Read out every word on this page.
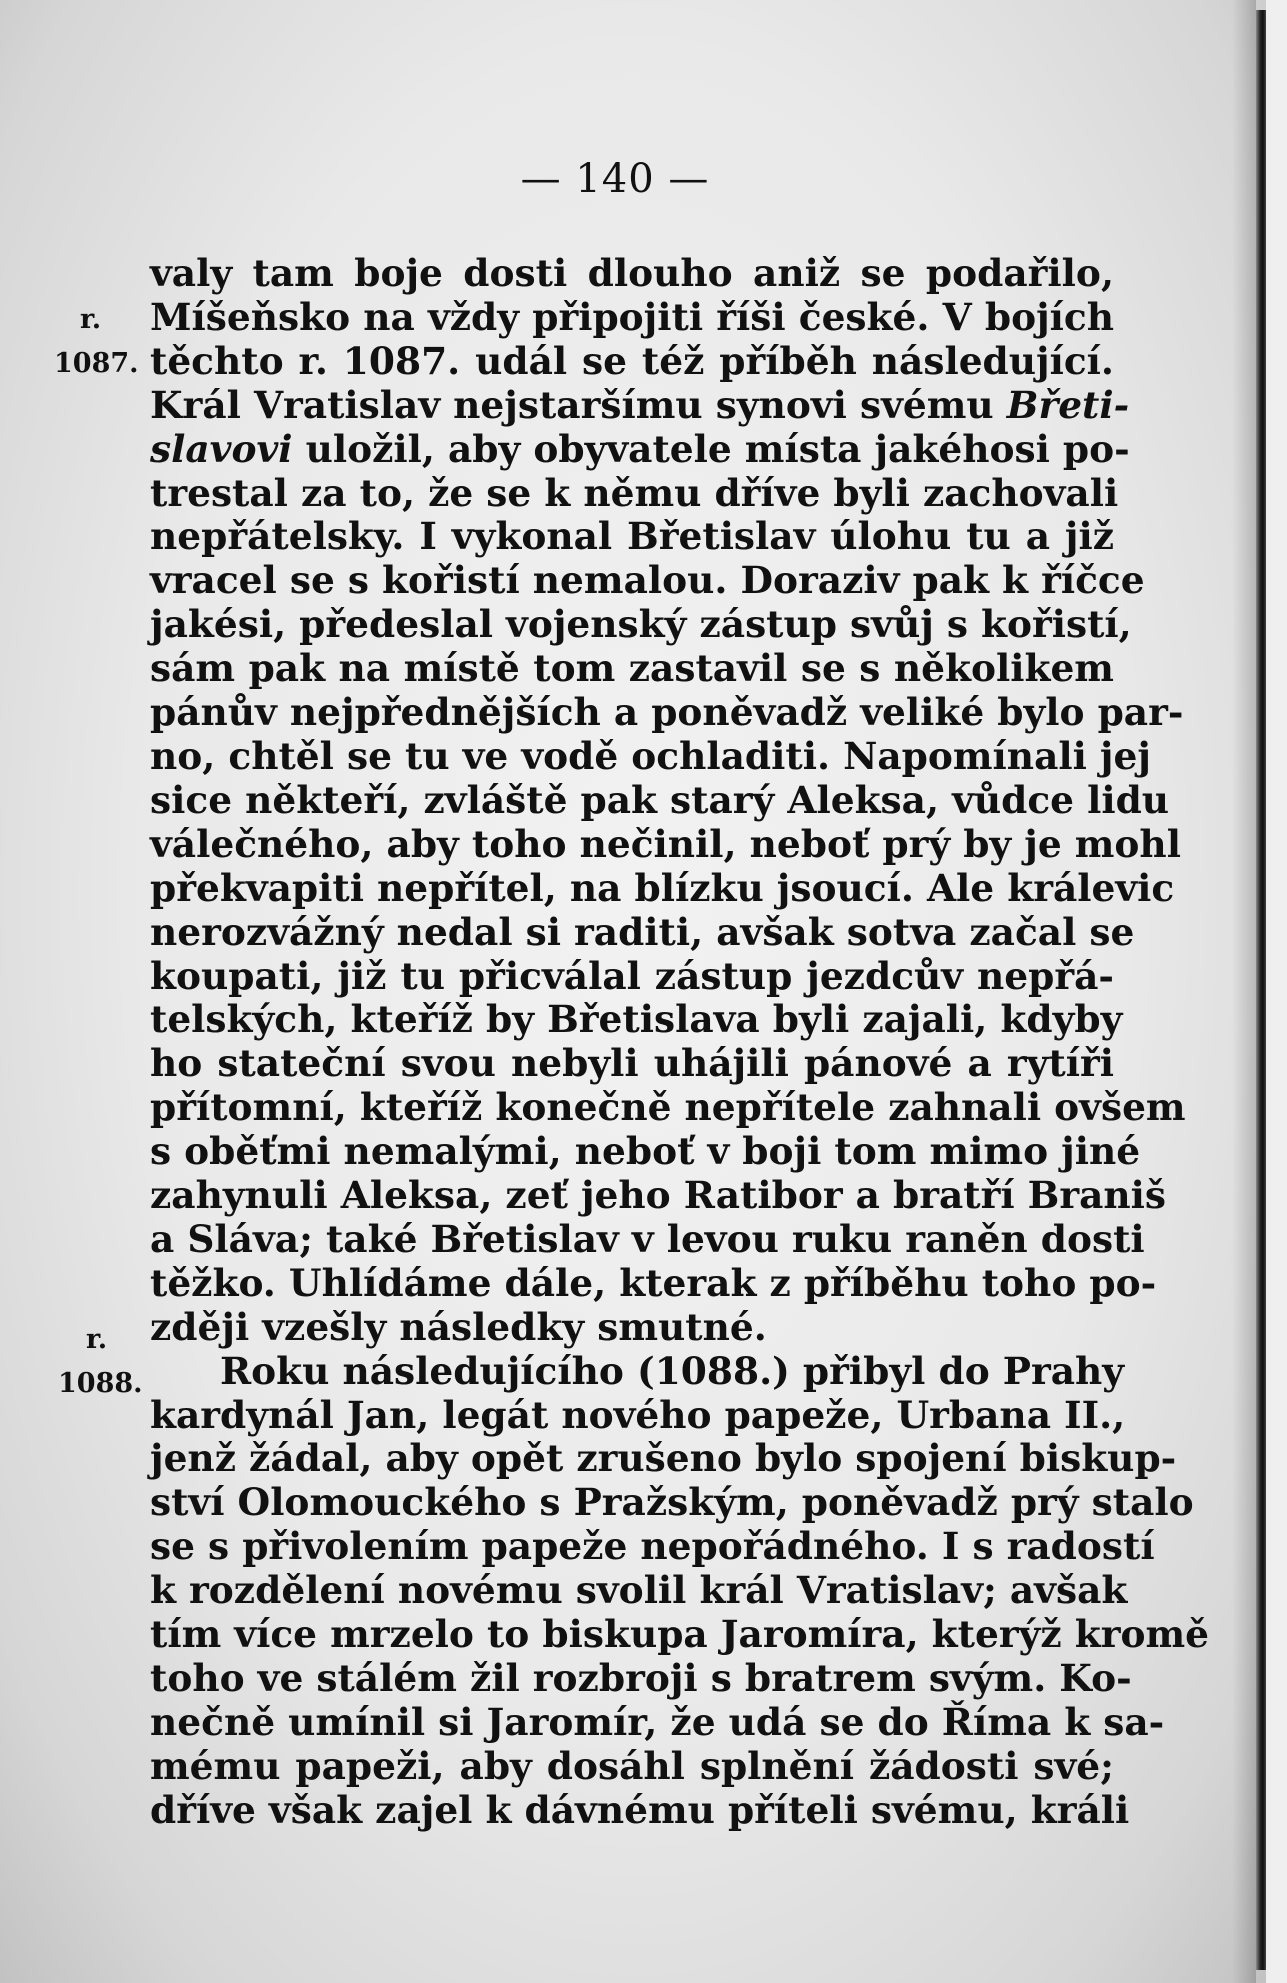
— 140 —
r.
1087.
r.
1088.
valy tam boje dosti dlouho aniž se podařilo,
Míšeňsko na vždy připojiti říši české. V bojích
těchto r. 1087. udál se též příběh následující.
Král Vratislav nejstaršímu synovi svému Břeti-
slavovi uložil, aby obyvatele místa jakéhosi po-
trestal za to, že se k němu dříve byli zachovali
nepřátelsky. I vykonal Břetislav úlohu tu a již
vracel se s kořistí nemalou. Doraziv pak k říčce
jakési, předeslal vojenský zástup svůj s kořistí,
sám pak na místě tom zastavil se s několikem
pánův nejpřednějších a poněvadž veliké bylo par-
no, chtěl se tu ve vodě ochladiti. Napomínali jej
sice někteří, zvláště pak starý Aleksa, vůdce lidu
válečného, aby toho nečinil, neboť prý by je mohl
překvapiti nepřítel, na blízku jsoucí. Ale králevic
nerozvážný nedal si raditi, avšak sotva začal se
koupati, již tu přicválal zástup jezdcův nepřá-
telských, kteříž by Břetislava byli zajali, kdyby
ho stateční svou nebyli uhájili pánové a rytíři
přítomní, kteříž konečně nepřítele zahnali ovšem
s oběťmi nemalými, neboť v boji tom mimo jiné
zahynuli Aleksa, zeť jeho Ratibor a bratří Braniš
a Sláva; také Břetislav v levou ruku raněn dosti
těžko. Uhlídáme dále, kterak z příběhu toho po-
zději vzešly následky smutné.
Roku následujícího (1088.) přibyl do Prahy
kardynál Jan, legát nového papeže, Urbana II.,
jenž žádal, aby opět zrušeno bylo spojení biskup-
ství Olomouckého s Pražským, poněvadž prý stalo
se s přivolením papeže nepořádného. I s radostí
k rozdělení novému svolil král Vratislav; avšak
tím více mrzelo to biskupa Jaromíra, kterýž kromě
toho ve stálém žil rozbroji s bratrem svým. Ko-
nečně umínil si Jaromír, že udá se do Říma k sa-
mému papeži, aby dosáhl splnění žádosti své;
dříve však zajel k dávnému příteli svému, králi
